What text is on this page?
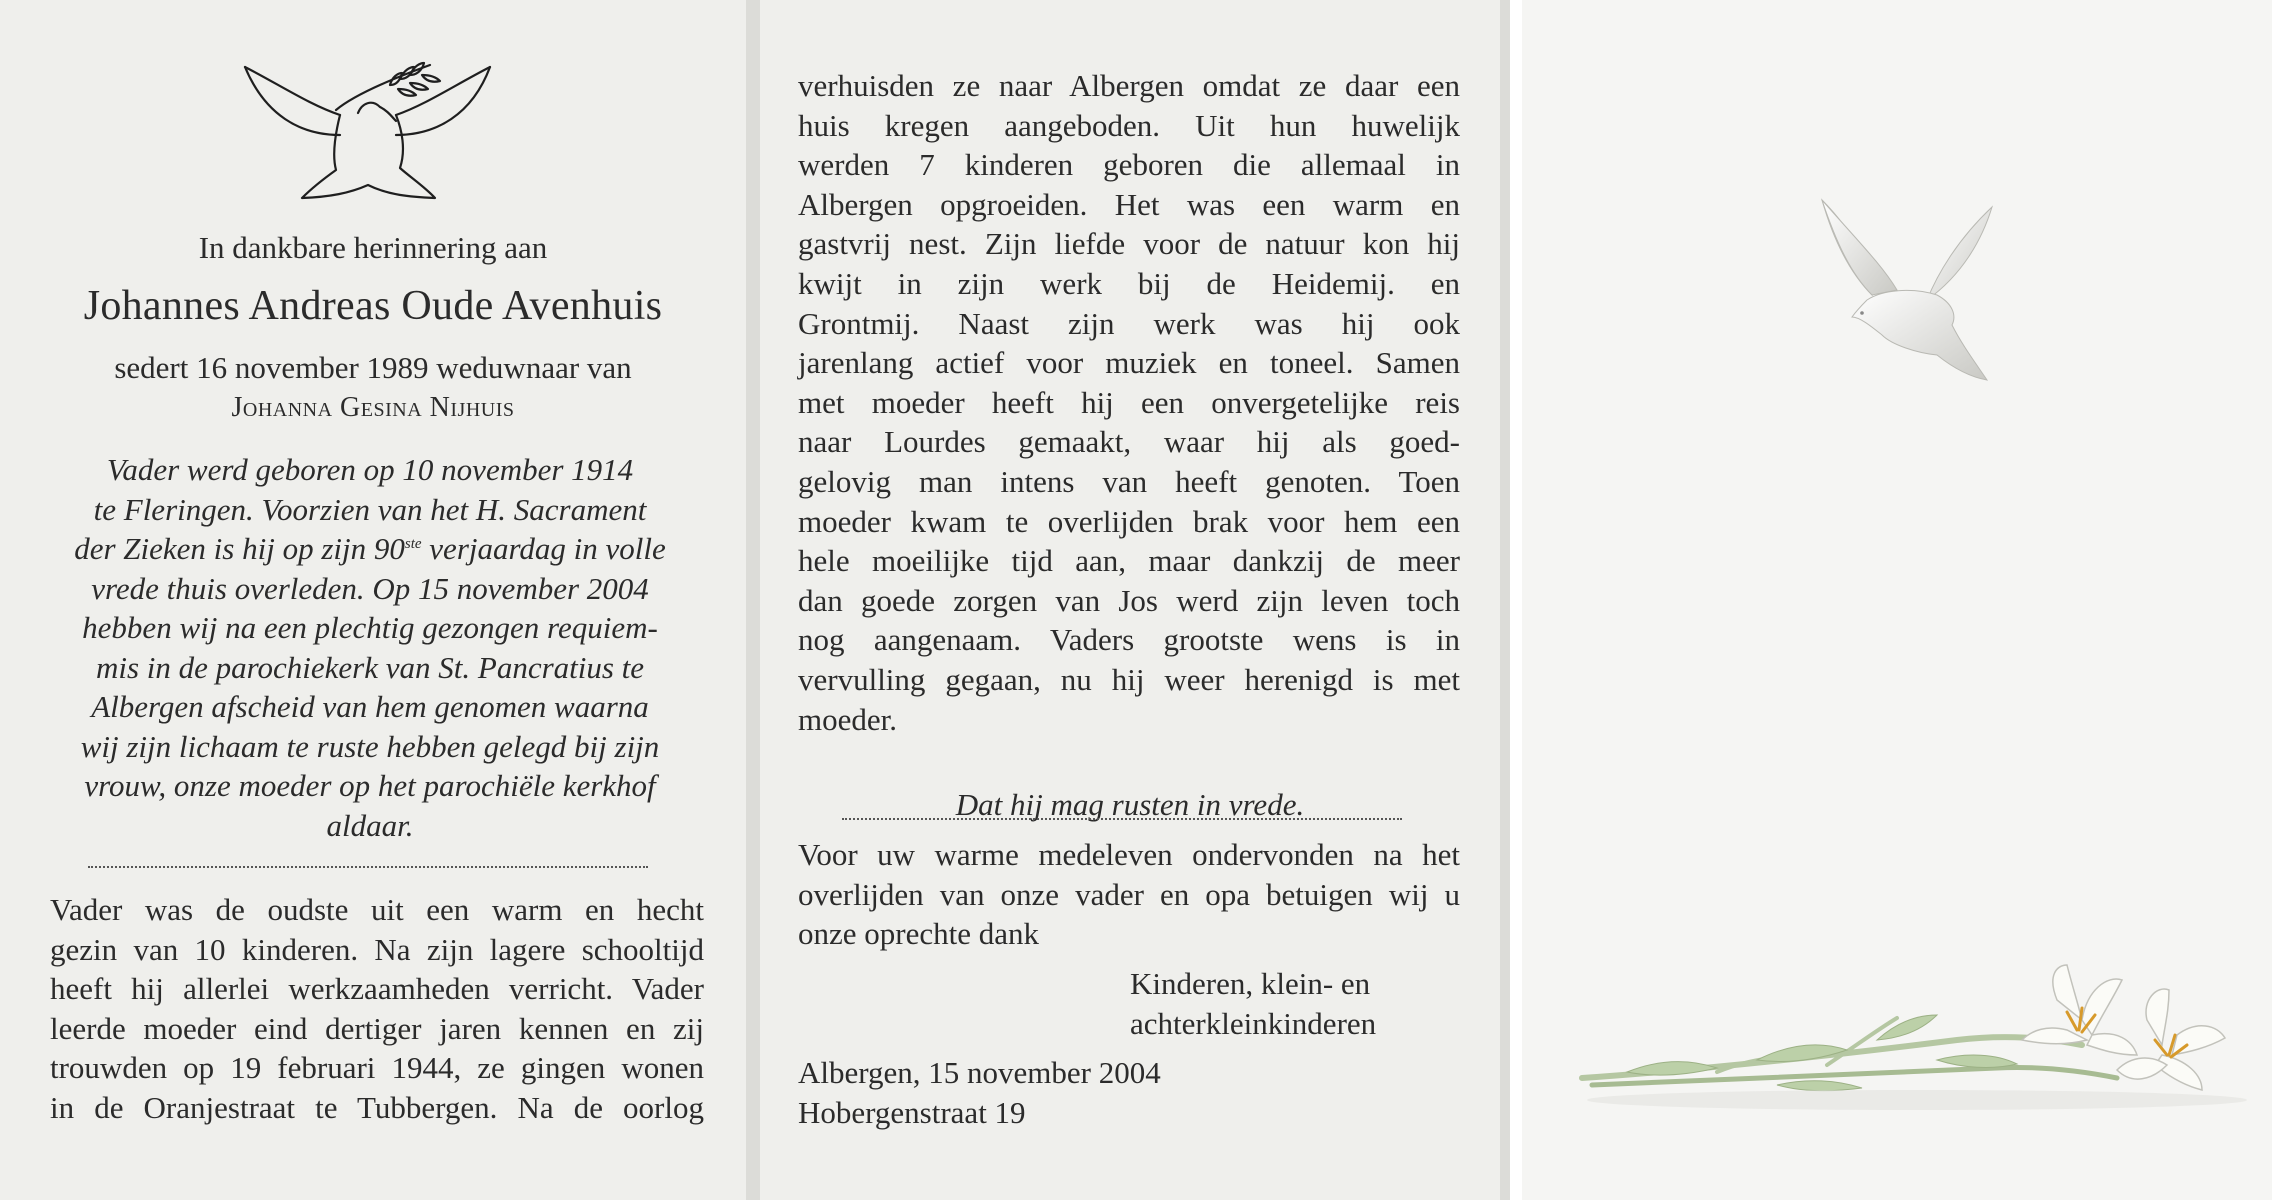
In dankbare herinnering aan

Johannes Andreas Oude Avenhuis

sedert 16 november 1989 weduwnaar van

Johanna Gesina Nijhuis

Vader werd geboren op 10 november 1914
te Fleringen. Voorzien van het H. Sacrament
der Zieken is hij op zijn 90ste verjaardag in volle
vrede thuis overleden. Op 15 november 2004
hebben wij na een plechtig gezongen requiem-
mis in de parochiekerk van St. Pancratius te
Albergen afscheid van hem genomen waarna
wij zijn lichaam te ruste hebben gelegd bij zijn
vrouw, onze moeder op het parochiële kerkhof
aldaar.
Vader was de oudste uit een warm en hecht
gezin van 10 kinderen. Na zijn lagere schooltijd
heeft hij allerlei werkzaamheden verricht. Vader
leerde moeder eind dertiger jaren kennen en zij
trouwden op 19 februari 1944, ze gingen wonen
in de Oranjestraat te Tubbergen. Na de oorlog
verhuisden ze naar Albergen omdat ze daar een
huis kregen aangeboden. Uit hun huwelijk
werden 7 kinderen geboren die allemaal in
Albergen opgroeiden. Het was een warm en
gastvrij nest. Zijn liefde voor de natuur kon hij
kwijt in zijn werk bij de Heidemij. en
Grontmij. Naast zijn werk was hij ook
jarenlang actief voor muziek en toneel. Samen
met moeder heeft hij een onvergetelijke reis
naar Lourdes gemaakt, waar hij als goed-
gelovig man intens van heeft genoten. Toen
moeder kwam te overlijden brak voor hem een
hele moeilijke tijd aan, maar dankzij de meer
dan goede zorgen van Jos werd zijn leven toch
nog aangenaam. Vaders grootste wens is in
vervulling gegaan, nu hij weer herenigd is met
moeder.

Dat hij mag rusten in vrede.

Voor uw warme medeleven ondervonden na het
overlijden van onze vader en opa betuigen wij u
onze oprechte dank
Kinderen, klein- en
achterkleinkinderen
Albergen, 15 november 2004
Hobergenstraat 19
